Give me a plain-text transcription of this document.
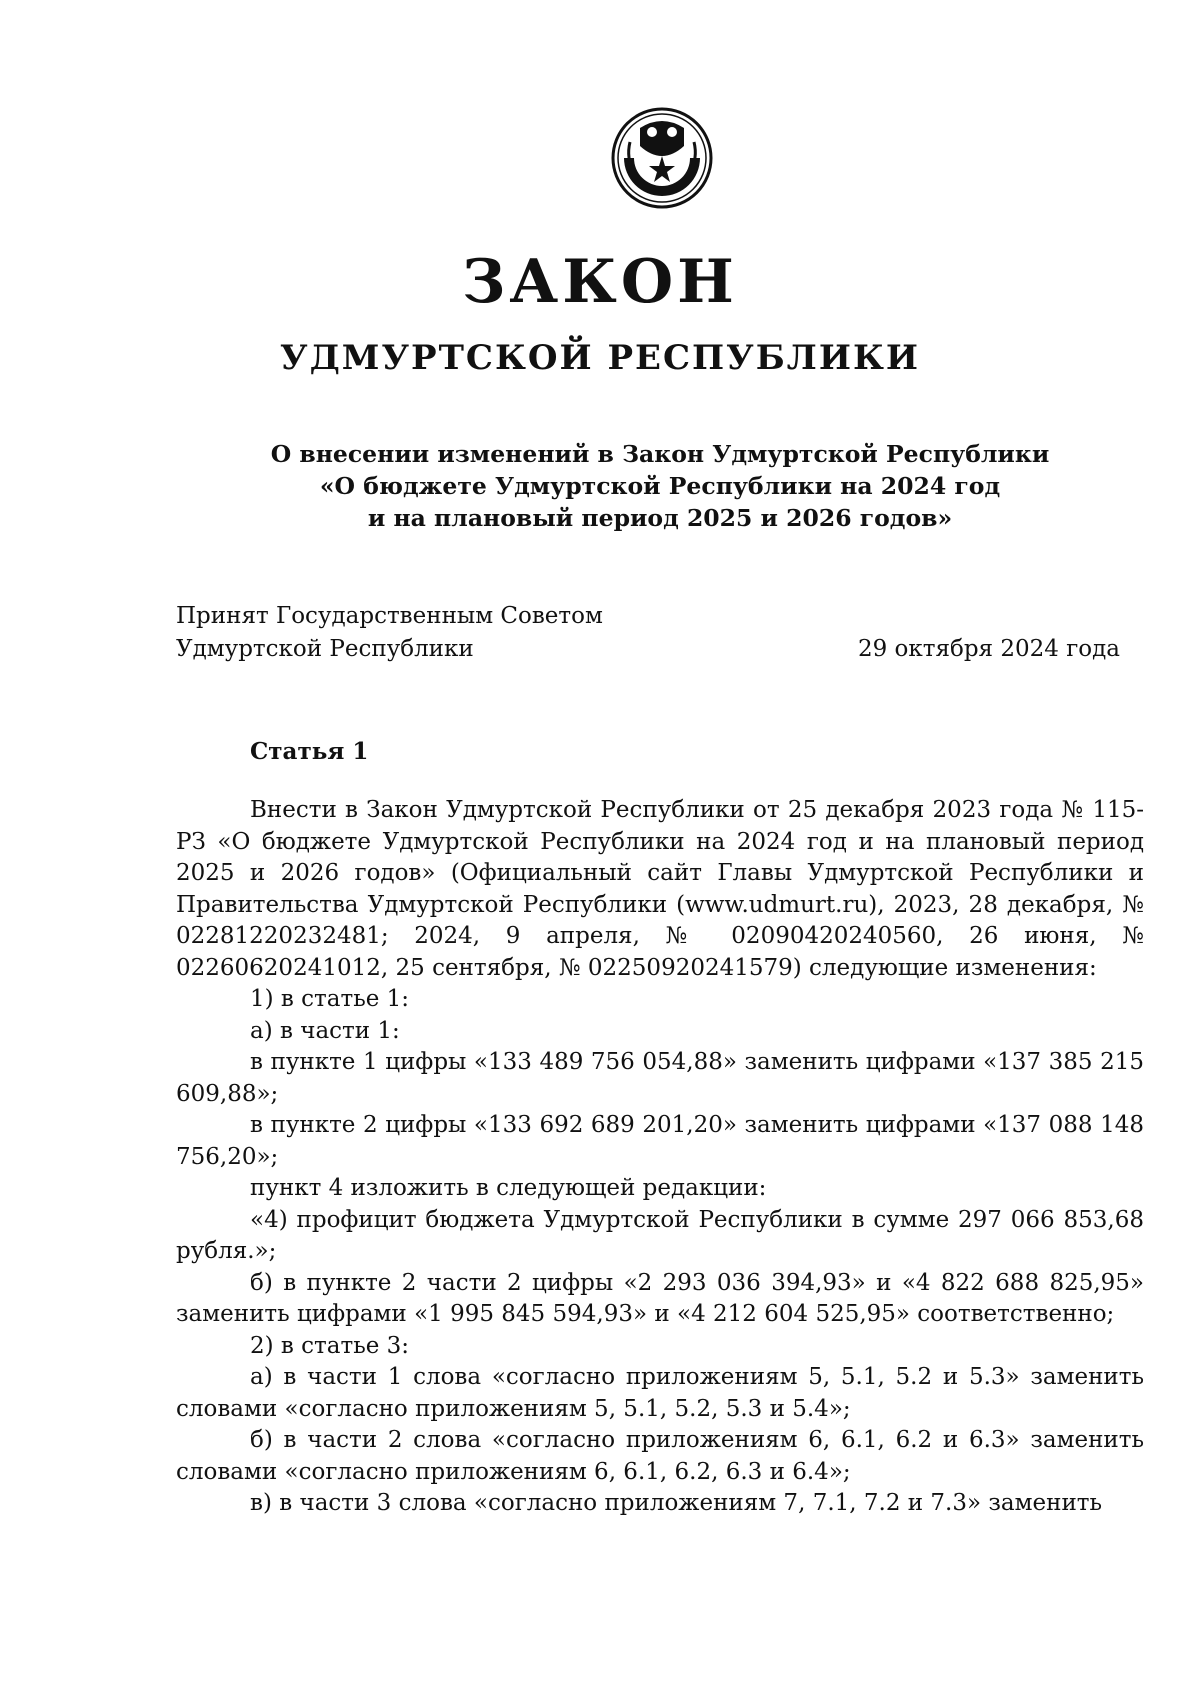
ЗАКОН
УДМУРТСКОЙ РЕСПУБЛИКИ
О внесении изменений в Закон Удмуртской Республики
«О бюджете Удмуртской Республики на 2024 год
и на плановый период 2025 и 2026 годов»
Принят Государственным Советом
Удмуртской Республики	29 октября 2024 года
Статья 1

Внести в Закон Удмуртской Республики от 25 декабря 2023 года № 115-РЗ «О бюджете Удмуртской Республики на 2024 год и на плановый период 2025 и 2026 годов» (Официальный сайт Главы Удмуртской Республики и Правительства Удмуртской Республики (www.udmurt.ru), 2023, 28 декабря, № 02281220232481; 2024, 9 апреля, № 02090420240560, 26 июня, № 02260620241012, 25 сентября, № 02250920241579) следующие изменения:

1) в статье 1:

а) в части 1:

в пункте 1 цифры «133 489 756 054,88» заменить цифрами «137 385 215 609,88»;

в пункте 2 цифры «133 692 689 201,20» заменить цифрами «137 088 148 756,20»;

пункт 4 изложить в следующей редакции:

«4) профицит бюджета Удмуртской Республики в сумме 297 066 853,68 рубля.»;

б) в пункте 2 части 2 цифры «2 293 036 394,93» и «4 822 688 825,95» заменить цифрами «1 995 845 594,93» и «4 212 604 525,95» соответственно;

2) в статье 3:

а) в части 1 слова «согласно приложениям 5, 5.1, 5.2 и 5.3» заменить словами «согласно приложениям 5, 5.1, 5.2, 5.3 и 5.4»;

б) в части 2 слова «согласно приложениям 6, 6.1, 6.2 и 6.3» заменить словами «согласно приложениям 6, 6.1, 6.2, 6.3 и 6.4»;

в) в части 3 слова «согласно приложениям 7, 7.1, 7.2 и 7.3» заменить
